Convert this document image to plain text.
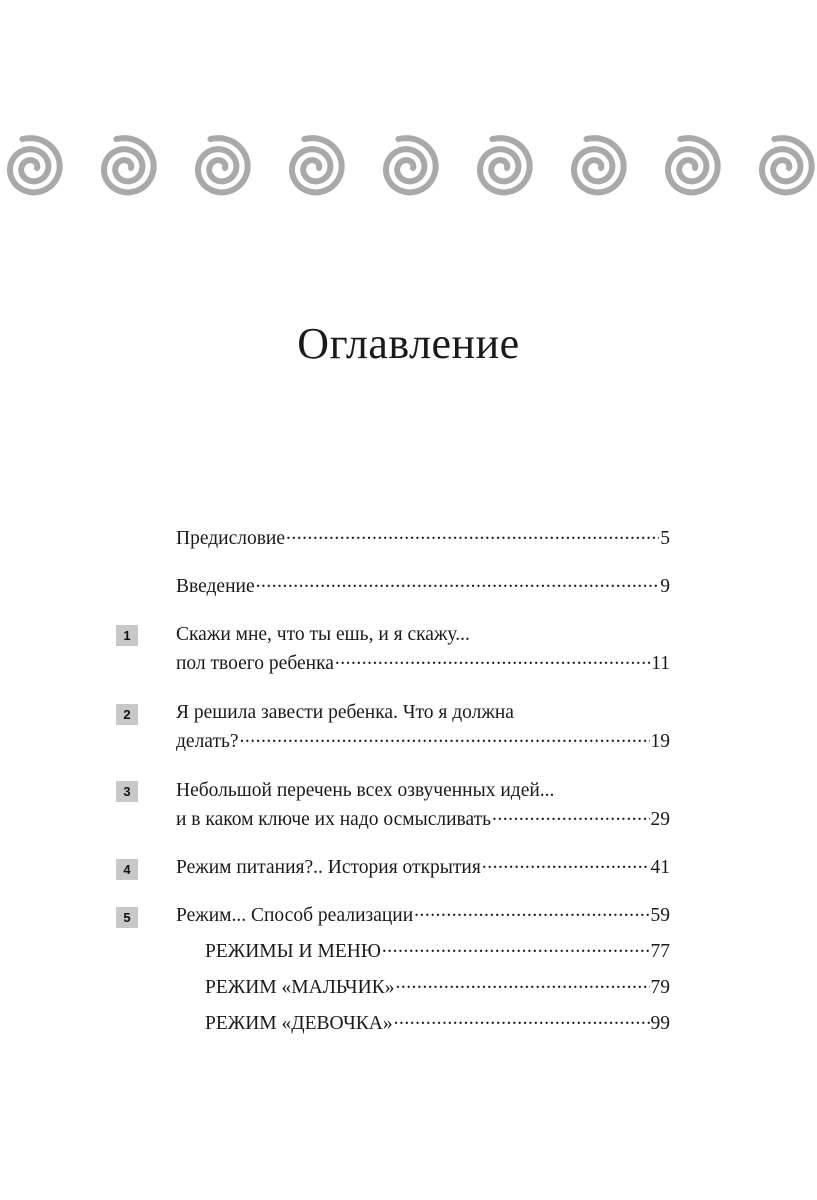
Оглавление
Предисловие .....	5
Введение .....	9
1	Скажи мне, что ты ешь, и я скажу...
пол твоего ребенка .....	11
2	Я решила завести ребенка. Что я должна
делать? .....	19
3	Небольшой перечень всех озвученных идей...
и в каком ключе их надо осмысливать .....	29
4	Режим питания?.. История открытия .....	41
5	Режим... Способ реализации .....	59
РЕЖИМЫ И МЕНЮ .....	77
РЕЖИМ «МАЛЬЧИК» .....	79
РЕЖИМ «ДЕВОЧКА» .....	99
